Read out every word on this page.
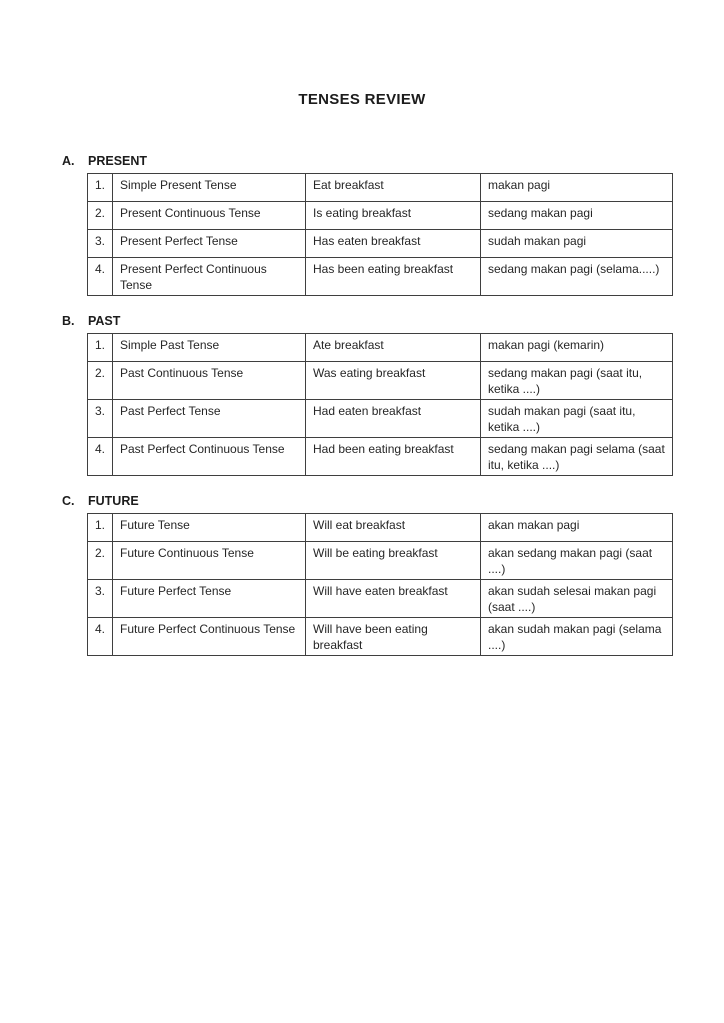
TENSES REVIEW
A.	PRESENT
1.	Simple Present Tense	Eat breakfast	makan pagi
2.	Present Continuous Tense	Is eating breakfast	sedang makan pagi
3.	Present Perfect Tense	Has eaten breakfast	sudah makan pagi
4.	Present Perfect Continuous Tense	Has been eating breakfast	sedang makan pagi (selama.....)
B.	PAST
1.	Simple Past Tense	Ate breakfast	makan pagi (kemarin)
2.	Past Continuous Tense	Was eating breakfast	sedang makan pagi (saat itu, ketika ....)
3.	Past Perfect Tense	Had eaten breakfast	sudah makan pagi (saat itu, ketika ....)
4.	Past Perfect Continuous Tense	Had been eating breakfast	sedang makan pagi selama (saat itu, ketika ....)
C.	FUTURE
1.	Future Tense	Will eat breakfast	akan makan pagi
2.	Future Continuous Tense	Will be eating breakfast	akan sedang makan pagi (saat ....)
3.	Future Perfect Tense	Will have eaten breakfast	akan sudah selesai makan pagi (saat ....)
4.	Future Perfect Continuous Tense	Will have been eating breakfast	akan sudah makan pagi (selama ....)
